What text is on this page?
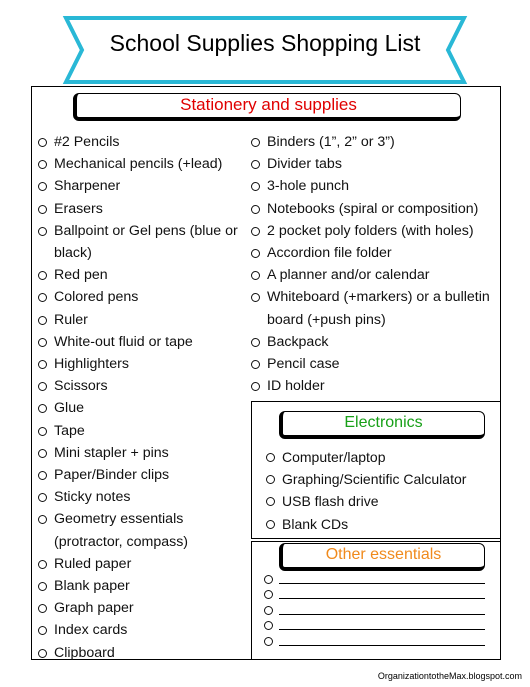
School Supplies Shopping List
Stationery and supplies
#2 Pencils
Mechanical pencils (+lead)
Sharpener
Erasers
Ballpoint or Gel pens (blue or black)
Red pen
Colored pens
Ruler
White-out fluid or tape
Highlighters
Scissors
Glue
Tape
Mini stapler + pins
Paper/Binder clips
Sticky notes
Geometry essentials (protractor, compass)
Ruled paper
Blank paper
Graph paper
Index cards
Clipboard
Binders (1”, 2” or 3”)
Divider tabs
3-hole punch
Notebooks (spiral or composition)
2 pocket poly folders (with holes)
Accordion file folder
A planner and/or calendar
Whiteboard (+markers) or a bulletin board (+push pins)
Backpack
Pencil case
ID holder
Electronics
Computer/laptop
Graphing/Scientific Calculator
USB flash drive
Blank CDs
Other essentials
OrganizationtotheMax.blogspot.com
